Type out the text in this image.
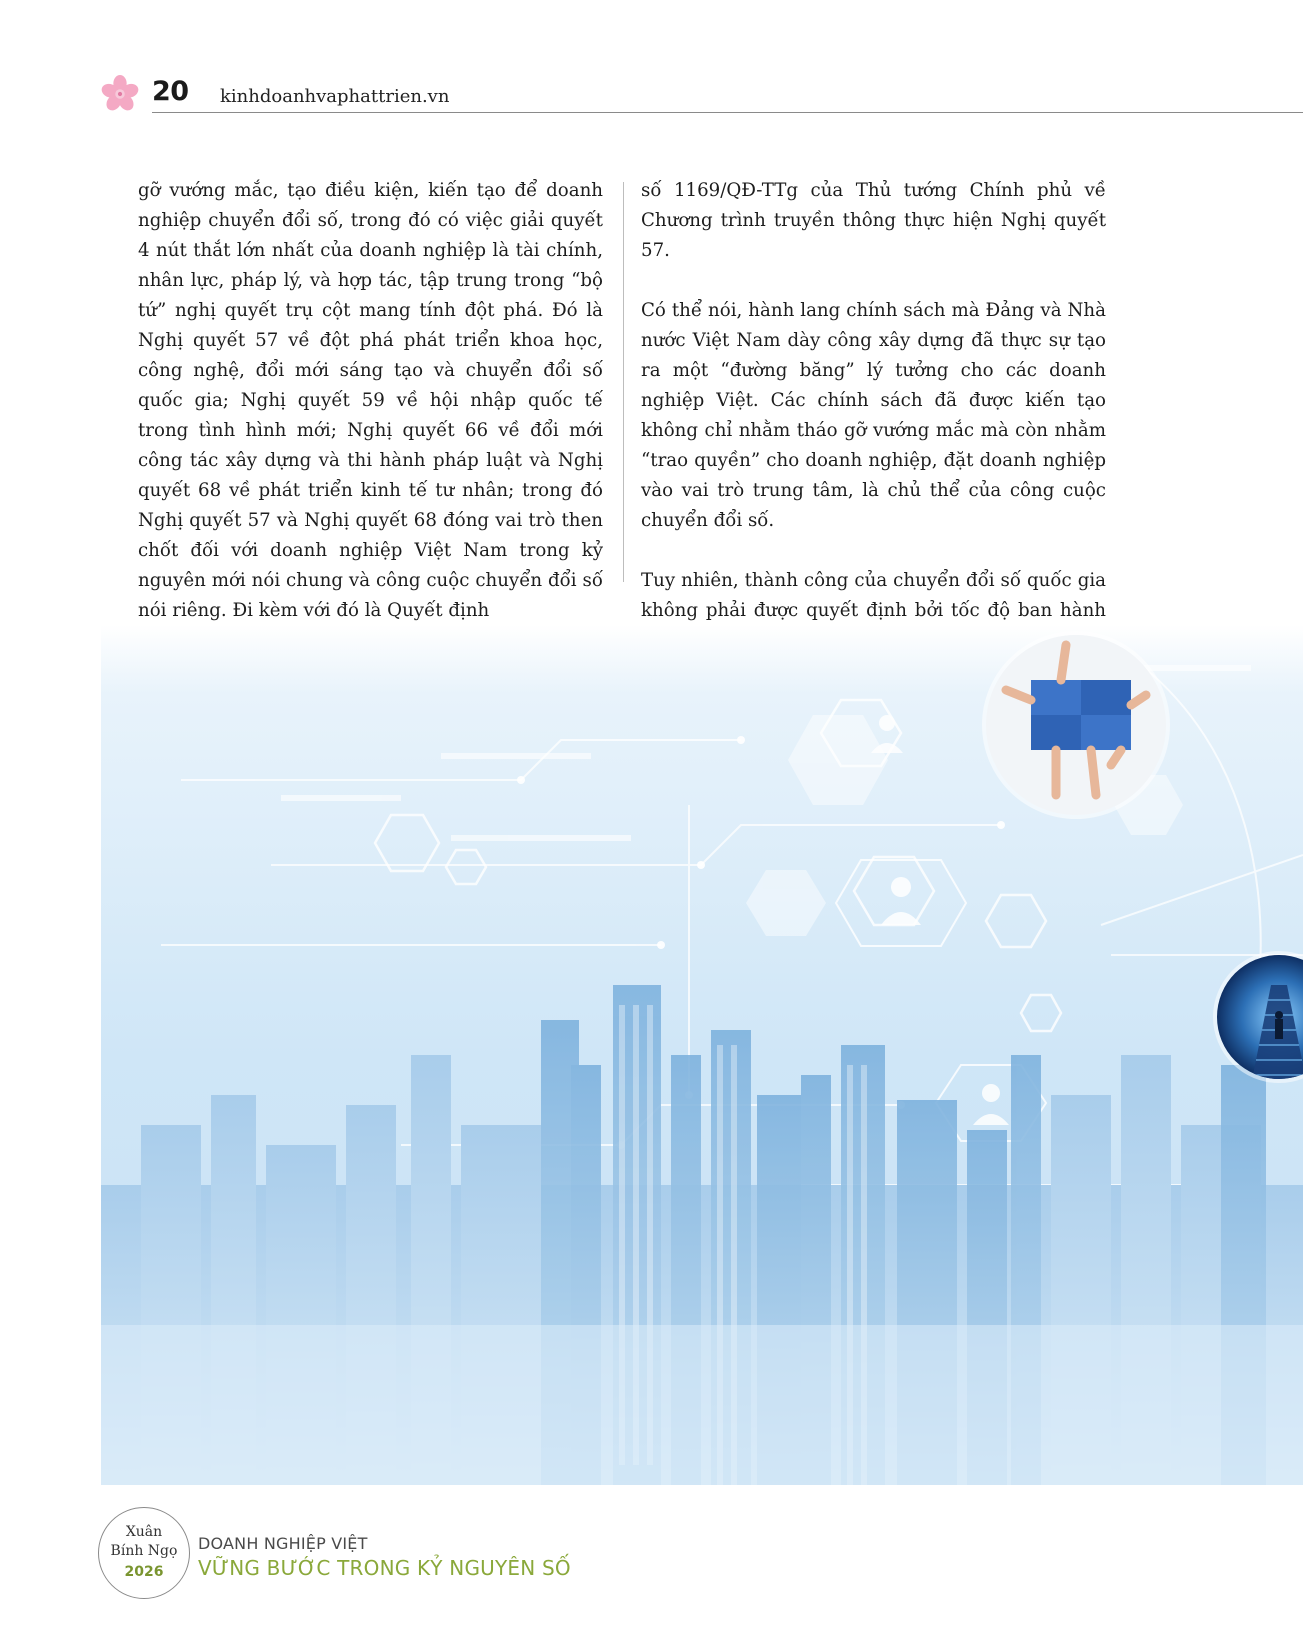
20 kinhdoanhvaphattrien.vn

gỡ vướng mắc, tạo điều kiện, kiến tạo để doanh nghiệp chuyển đổi số, trong đó có việc giải quyết 4 nút thắt lớn nhất của doanh nghiệp là tài chính, nhân lực, pháp lý, và hợp tác, tập trung trong “bộ tứ” nghị quyết trụ cột mang tính đột phá. Đó là Nghị quyết 57 về đột phá phát triển khoa học, công nghệ, đổi mới sáng tạo và chuyển đổi số quốc gia; Nghị quyết 59 về hội nhập quốc tế trong tình hình mới; Nghị quyết 66 về đổi mới công tác xây dựng và thi hành pháp luật và Nghị quyết 68 về phát triển kinh tế tư nhân; trong đó Nghị quyết 57 và Nghị quyết 68 đóng vai trò then chốt đối với doanh nghiệp Việt Nam trong kỷ nguyên mới nói chung và công cuộc chuyển đổi số nói riêng. Đi kèm với đó là Quyết định

số 1169/QĐ-TTg của Thủ tướng Chính phủ về Chương trình truyền thông thực hiện Nghị quyết 57.

Có thể nói, hành lang chính sách mà Đảng và Nhà nước Việt Nam dày công xây dựng đã thực sự tạo ra một “đường băng” lý tưởng cho các doanh nghiệp Việt. Các chính sách đã được kiến tạo không chỉ nhằm tháo gỡ vướng mắc mà còn nhằm “trao quyền” cho doanh nghiệp, đặt doanh nghiệp vào vai trò trung tâm, là chủ thể của công cuộc chuyển đổi số.

Tuy nhiên, thành công của chuyển đổi số quốc gia không phải được quyết định bởi tốc độ ban hành

Xuân
Bính Ngọ
2026
DOANH NGHIỆP VIỆT
VỮNG BƯỚC TRONG KỶ NGUYÊN SỐ
